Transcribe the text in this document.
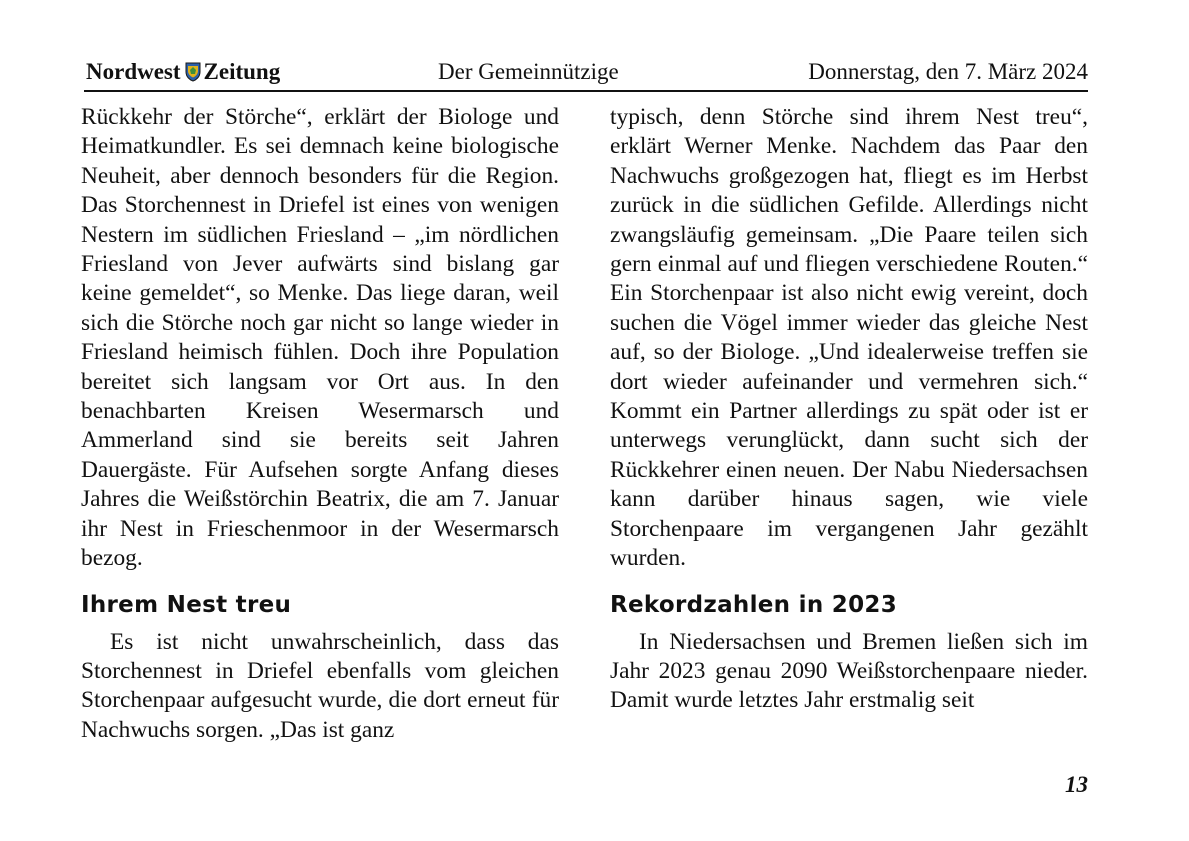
Nordwest Zeitung	Der Gemeinnützige	Donnerstag, den 7. März 2024

Rückkehr der Störche“, erklärt der Biologe und Heimatkundler. Es sei demnach keine biologische Neuheit, aber dennoch besonders für die Region. Das Storchennest in Driefel ist eines von wenigen Nestern im südlichen Friesland – „im nördlichen Friesland von Jever aufwärts sind bislang gar keine gemeldet“, so Menke. Das liege daran, weil sich die Störche noch gar nicht so lange wieder in Friesland heimisch fühlen. Doch ihre Population bereitet sich langsam vor Ort aus. In den benachbarten Kreisen Wesermarsch und Ammerland sind sie bereits seit Jahren Dauergäste. Für Aufsehen sorgte Anfang dieses Jahres die Weißstörchin Beatrix, die am 7. Januar ihr Nest in Frieschenmoor in der Wesermarsch bezog.

Ihrem Nest treu

Es ist nicht unwahrscheinlich, dass das Storchennest in Driefel ebenfalls vom gleichen Storchenpaar aufgesucht wurde, die dort erneut für Nachwuchs sorgen. „Das ist ganz

typisch, denn Störche sind ihrem Nest treu“, erklärt Werner Menke. Nachdem das Paar den Nachwuchs großgezogen hat, fliegt es im Herbst zurück in die südlichen Gefilde. Allerdings nicht zwangsläufig gemeinsam. „Die Paare teilen sich gern einmal auf und fliegen verschiedene Routen.“ Ein Storchenpaar ist also nicht ewig vereint, doch suchen die Vögel immer wieder das gleiche Nest auf, so der Biologe. „Und idealerweise treffen sie dort wieder aufeinander und vermehren sich.“ Kommt ein Partner allerdings zu spät oder ist er unterwegs verunglückt, dann sucht sich der Rückkehrer einen neuen. Der Nabu Niedersachsen kann darüber hinaus sagen, wie viele Storchenpaare im vergangenen Jahr gezählt wurden.

Rekordzahlen in 2023

In Niedersachsen und Bremen ließen sich im Jahr 2023 genau 2090 Weißstorchenpaare nieder. Damit wurde letztes Jahr erstmalig seit

13
